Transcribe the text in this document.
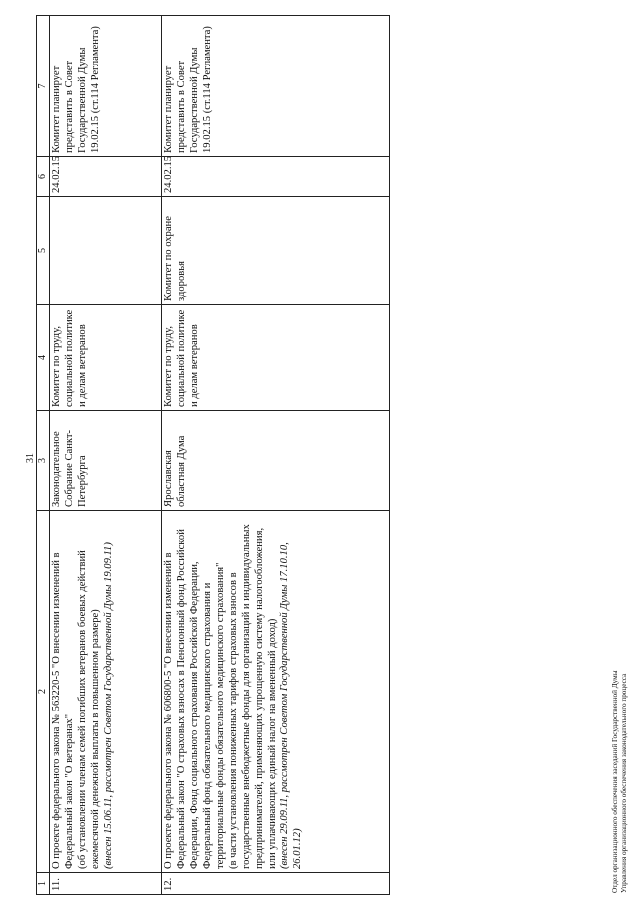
31
1	2	3	4	5	6	7
11.	О проекте федерального закона № 563220-5 "О внесении изменений в Федеральный закон "О ветеранах" (об установлении членам семей погибших ветеранов боевых действий ежемесячной денежной выплаты в повышенном размере) (внесен 15.06.11, рассмотрен Советом Государственной Думы 19.09.11)	Законодательное Собрание Санкт-Петербурга	Комитет по труду, социальной политике и делам ветеранов		24.02.15	Комитет планирует представить в Совет Государственной Думы 19.02.15 (ст.114 Регламента)
12.	О проекте федерального закона № 606800-5 "О внесении изменений в Федеральный закон "О страховых взносах в Пенсионный фонд Российской Федерации, Фонд социального страхования Российской Федерации, Федеральный фонд обязательного медицинского страхования и территориальные фонды обязательного медицинского страхования" (в части установления пониженных тарифов страховых взносов в государственные внебюджетные фонды для организаций и индивидуальных предпринимателей, применяющих упрощенную систему налогообложения, или уплачивающих единый налог на вмененный доход) (внесен 29.09.11, рассмотрен Советом Государственной Думы 17.10.10, 26.01.12)	Ярославская областная Дума	Комитет по труду, социальной политике и делам ветеранов	Комитет по охране здоровья	24.02.15	Комитет планирует представить в Совет Государственной Думы 19.02.15 (ст.114 Регламента)
Отдел организационного обеспечения заседаний Государственной Думы Управления организационного обеспечения законодательного процесса
